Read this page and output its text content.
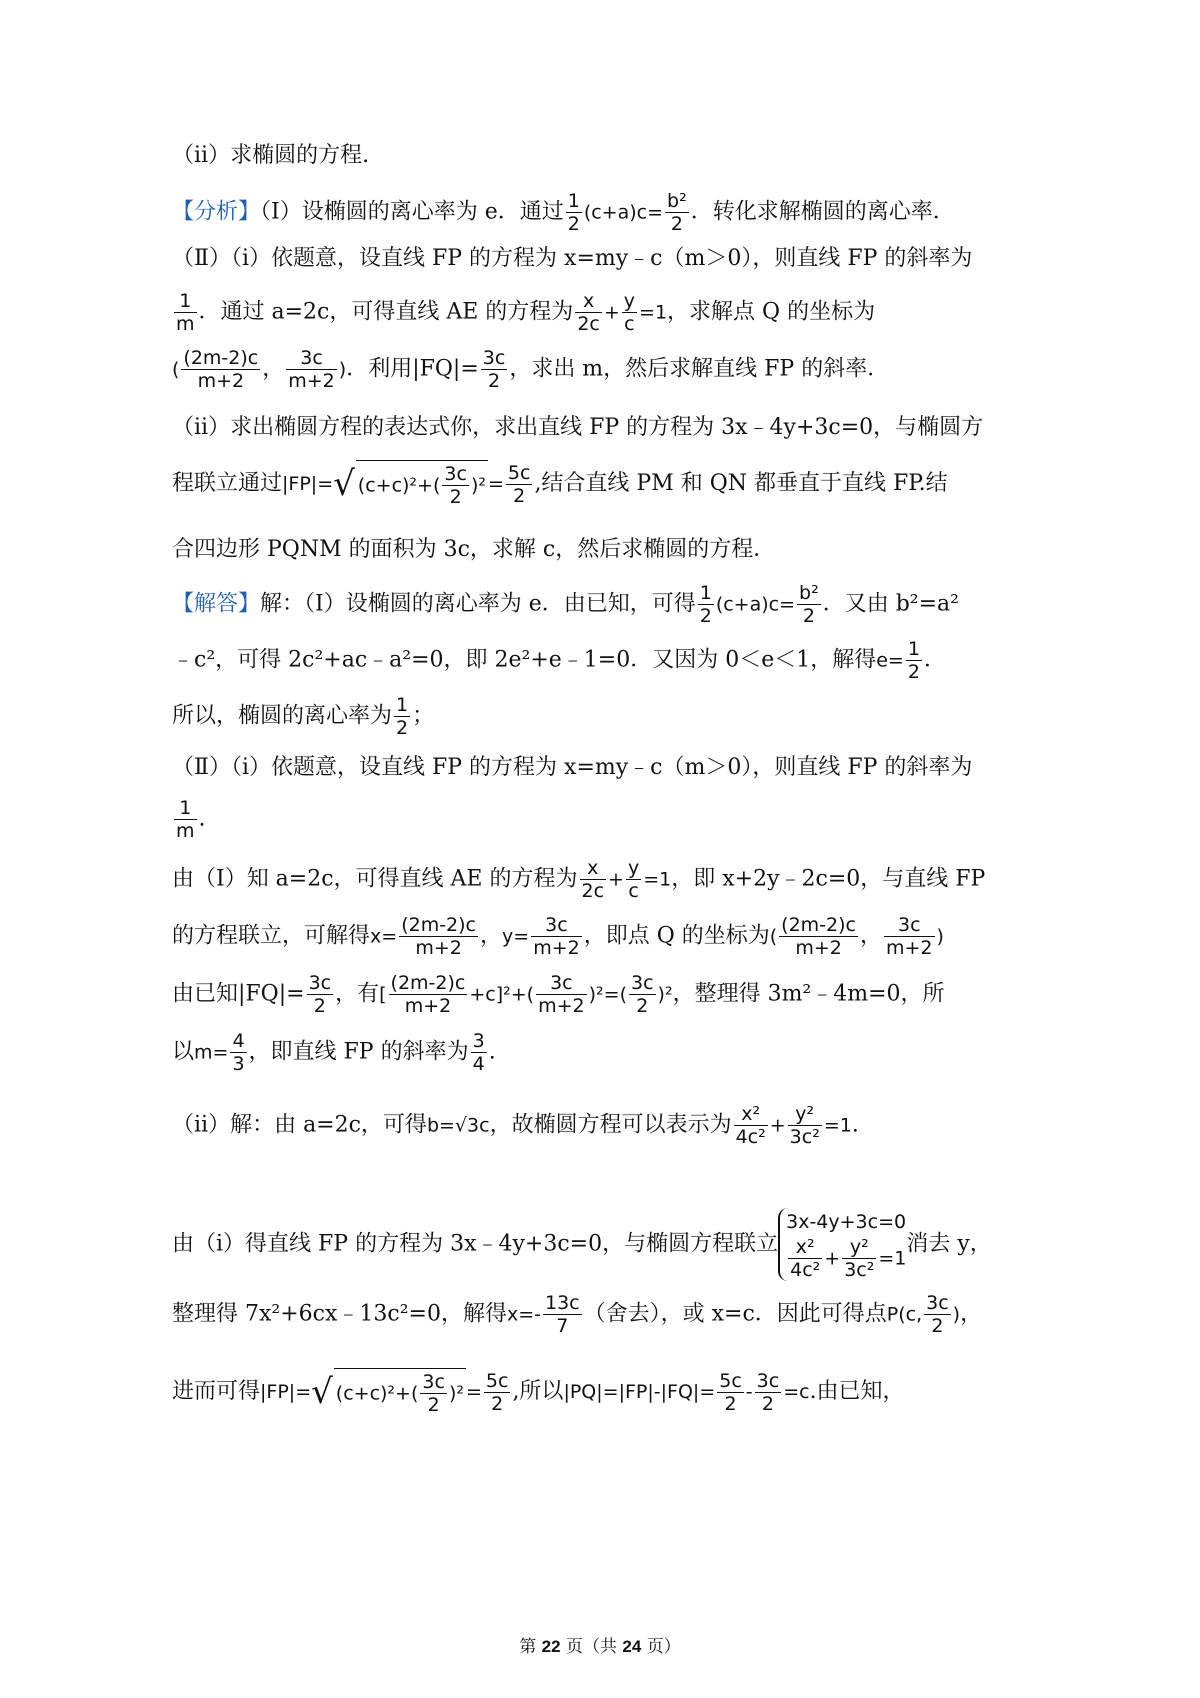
（ⅱ）求椭圆的方程.
【分析】（Ⅰ）设椭圆的离心率为 e．通过 $\frac{1}{2} (c+a)c= \frac{\text{b²}}{2}$ ．转化求解椭圆的离心率．
（Ⅱ）（ⅰ）依题意，设直线 FP 的方程为 x=my﹣c（m＞0），则直线 FP 的斜率为
$\frac{1}{m}$ ．通过 a=2c，可得直线 AE 的方程为 $\frac{x}{2c} + \frac{y}{c} =1$，求解点 Q 的坐标为
( $\frac{(2m-2)c}{m+2}$ ， $\frac{3c}{m+2}$ )．利用$|FQ|= \frac{3c}{2}$ ，求出 m，然后求解直线 FP 的斜率．
（ⅱ）求出椭圆方程的表达式你，求出直线 FP 的方程为 3x﹣4y+3c=0，与椭圆方
程联立通过|FP|=√ $(c+c)^2+( \frac{3c}{2} )^2 = \frac{5c}{2}$ ,结合直线 PM 和 QN 都垂直于直线 FP.结
合四边形 PQNM 的面积为 3c，求解 c，然后求椭圆的方程．
【解答】解：（Ⅰ）设椭圆的离心率为 e．由已知，可得 $\frac{1}{2} (c+a)c= \frac{\text{b²}}{2}$ ．又由 b²=a²
﹣c²，可得 2c²+ac﹣a²=0，即 2e²+e﹣1=0．又因为 0＜e＜1，解得$e= \frac{1}{2}$ ．
所以，椭圆的离心率为 $\frac{1}{2}$ ；
（Ⅱ）（ⅰ）依题意，设直线 FP 的方程为 x=my﹣c（m＞0），则直线 FP 的斜率为
$\frac{1}{m}$ .
由（Ⅰ）知 a=2c，可得直线 AE 的方程为 $\frac{x}{2c} + \frac{y}{c} =1$，即 x+2y﹣2c=0，与直线 FP
的方程联立，可解得$x= \frac{(2m-2)c}{m+2}$ ，$y= \frac{3c}{m+2}$ ，即点 Q 的坐标为( $\frac{(2m-2)c}{m+2}$ ， $\frac{3c}{m+2}$ )
由已知$|FQ|= \frac{3c}{2}$ ，有[ $\frac{(2m-2)c}{m+2} +c]^2+( \frac{3c}{m+2} )^2=( \frac{3c}{2} )^2$，整理得 3m²﹣4m=0，所
以$m= \frac{4}{3}$ ，即直线 FP 的斜率为 $\frac{3}{4}$ .
（ⅱ）解：由 a=2c，可得b=√3c，故椭圆方程可以表示为 $\frac{\text{x²}}{\text{4c²}} + \frac{\text{y²}}{\text{3c²}} =1$.
由（ⅰ）得直线 FP 的方程为 3x﹣4y+3c=0，与椭圆方程联立
3x-4y+3c=0
$\frac{\text{x²}}{\text{4c²}} + \frac{\text{y²}}{\text{3c²}} =1$
消去 y，
整理得 7x²+6cx﹣13c²=0，解得$x=- \frac{13c}{7}$ （舍去），或 x=c．因此可得点P(c, $\frac{3c}{2}$ )，
进而可得|FP|=√ $(c+c)^2+( \frac{3c}{2} )^2 = \frac{5c}{2}$ ,所以$|PQ|=|FP|-|FQ|= \frac{5c}{2} - \frac{3c}{2} =c$.由已知，
第 22 页（共 24 页）
